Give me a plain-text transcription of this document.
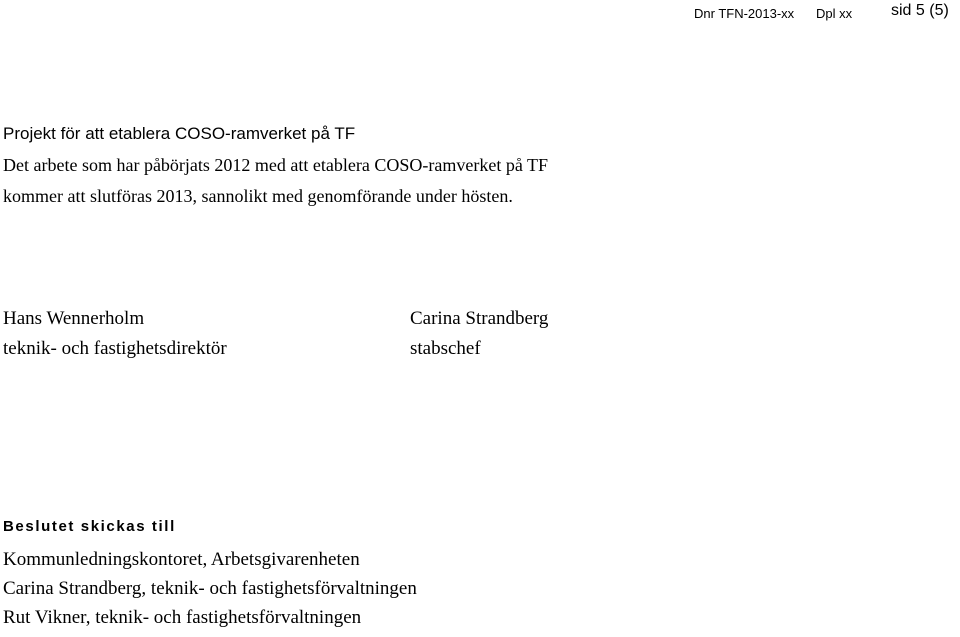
Dnr TFN-2013-xx Dpl xx sid 5 (5)
Projekt för att etablera COSO-ramverket på TF
Det arbete som har påbörjats 2012 med att etablera COSO-ramverket på TF
kommer att slutföras 2013, sannolikt med genomförande under hösten.
Hans Wennerholm
teknik- och fastighetsdirektör
Carina Strandberg
stabschef
Beslutet skickas till
Kommunledningskontoret, Arbetsgivarenheten
Carina Strandberg, teknik- och fastighetsförvaltningen
Rut Vikner, teknik- och fastighetsförvaltningen
